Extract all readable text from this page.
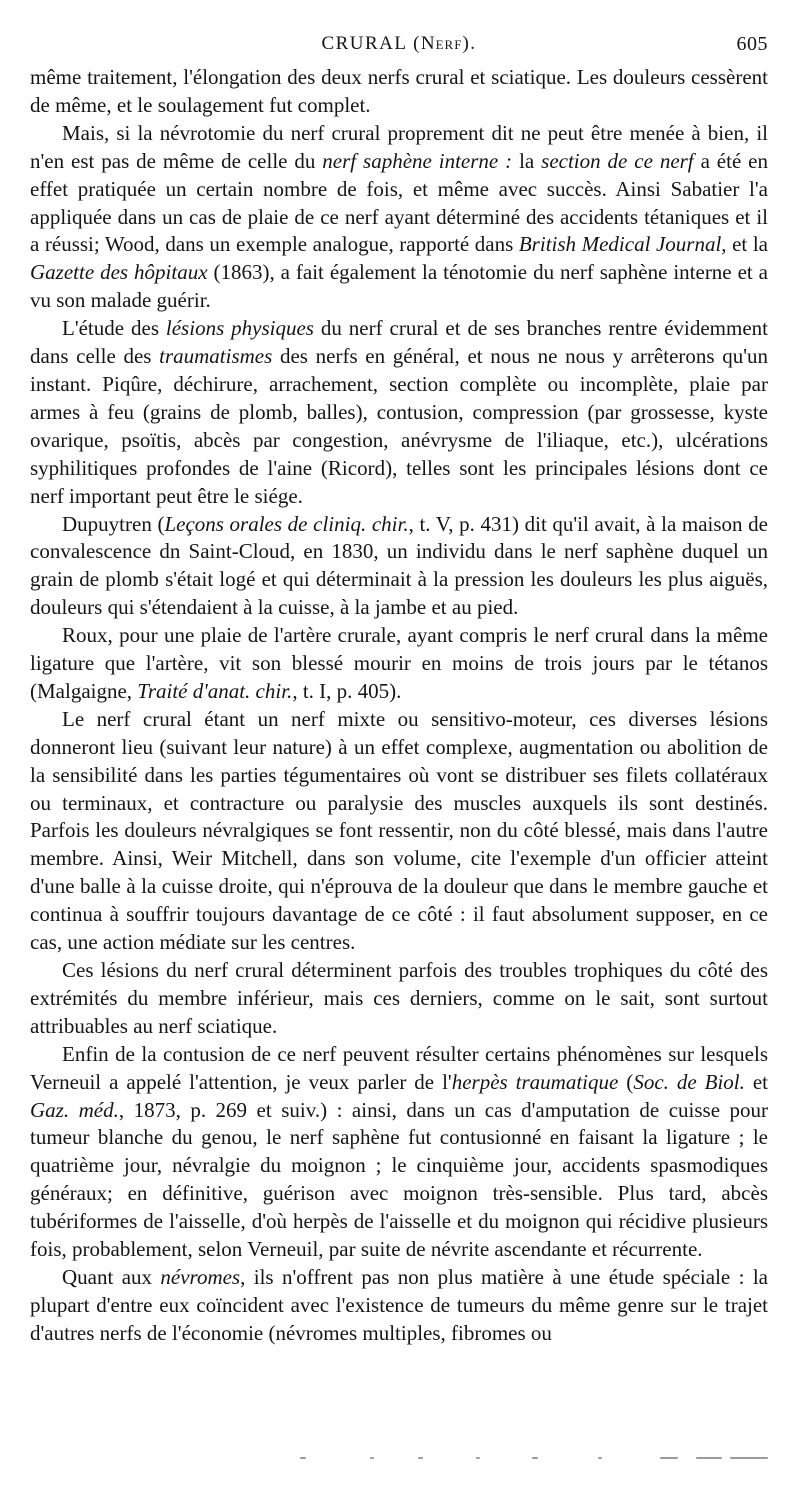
CRURAL (Nerf).	605

même traitement, l'élongation des deux nerfs crural et sciatique. Les douleurs cessèrent de même, et le soulagement fut complet.

Mais, si la névrotomie du nerf crural proprement dit ne peut être menée à bien, il n'en est pas de même de celle du nerf saphène interne : la section de ce nerf a été en effet pratiquée un certain nombre de fois, et même avec succès. Ainsi Sabatier l'a appliquée dans un cas de plaie de ce nerf ayant déterminé des accidents tétaniques et il a réussi; Wood, dans un exemple analogue, rapporté dans British Medical Journal, et la Gazette des hôpitaux (1863), a fait également la ténotomie du nerf saphène interne et a vu son malade guérir.

L'étude des lésions physiques du nerf crural et de ses branches rentre évidemment dans celle des traumatismes des nerfs en général, et nous ne nous y arrêterons qu'un instant. Piqûre, déchirure, arrachement, section complète ou incomplète, plaie par armes à feu (grains de plomb, balles), contusion, compression (par grossesse, kyste ovarique, psoïtis, abcès par congestion, anévrysme de l'iliaque, etc.), ulcérations syphilitiques profondes de l'aine (Ricord), telles sont les principales lésions dont ce nerf important peut être le siége.

Dupuytren (Leçons orales de cliniq. chir., t. V, p. 431) dit qu'il avait, à la maison de convalescence dn Saint-Cloud, en 1830, un individu dans le nerf saphène duquel un grain de plomb s'était logé et qui déterminait à la pression les douleurs les plus aiguës, douleurs qui s'étendaient à la cuisse, à la jambe et au pied.

Roux, pour une plaie de l'artère crurale, ayant compris le nerf crural dans la même ligature que l'artère, vit son blessé mourir en moins de trois jours par le tétanos (Malgaigne, Traité d'anat. chir., t. I, p. 405).

Le nerf crural étant un nerf mixte ou sensitivo-moteur, ces diverses lésions donneront lieu (suivant leur nature) à un effet complexe, augmentation ou abolition de la sensibilité dans les parties tégumentaires où vont se distribuer ses filets collatéraux ou terminaux, et contracture ou paralysie des muscles auxquels ils sont destinés. Parfois les douleurs névralgiques se font ressentir, non du côté blessé, mais dans l'autre membre. Ainsi, Weir Mitchell, dans son volume, cite l'exemple d'un officier atteint d'une balle à la cuisse droite, qui n'éprouva de la douleur que dans le membre gauche et continua à souffrir toujours davantage de ce côté : il faut absolument supposer, en ce cas, une action médiate sur les centres.

Ces lésions du nerf crural déterminent parfois des troubles trophiques du côté des extrémités du membre inférieur, mais ces derniers, comme on le sait, sont surtout attribuables au nerf sciatique.

Enfin de la contusion de ce nerf peuvent résulter certains phénomènes sur lesquels Verneuil a appelé l'attention, je veux parler de l'herpès traumatique (Soc. de Biol. et Gaz. méd., 1873, p. 269 et suiv.) : ainsi, dans un cas d'amputation de cuisse pour tumeur blanche du genou, le nerf saphène fut contusionné en faisant la ligature ; le quatrième jour, névralgie du moignon ; le cinquième jour, accidents spasmodiques généraux; en définitive, guérison avec moignon très-sensible. Plus tard, abcès tubériformes de l'aisselle, d'où herpès de l'aisselle et du moignon qui récidive plusieurs fois, probablement, selon Verneuil, par suite de névrite ascendante et récurrente.

Quant aux névromes, ils n'offrent pas non plus matière à une étude spéciale : la plupart d'entre eux coïncident avec l'existence de tumeurs du même genre sur le trajet d'autres nerfs de l'économie (névromes multiples, fibromes ou
